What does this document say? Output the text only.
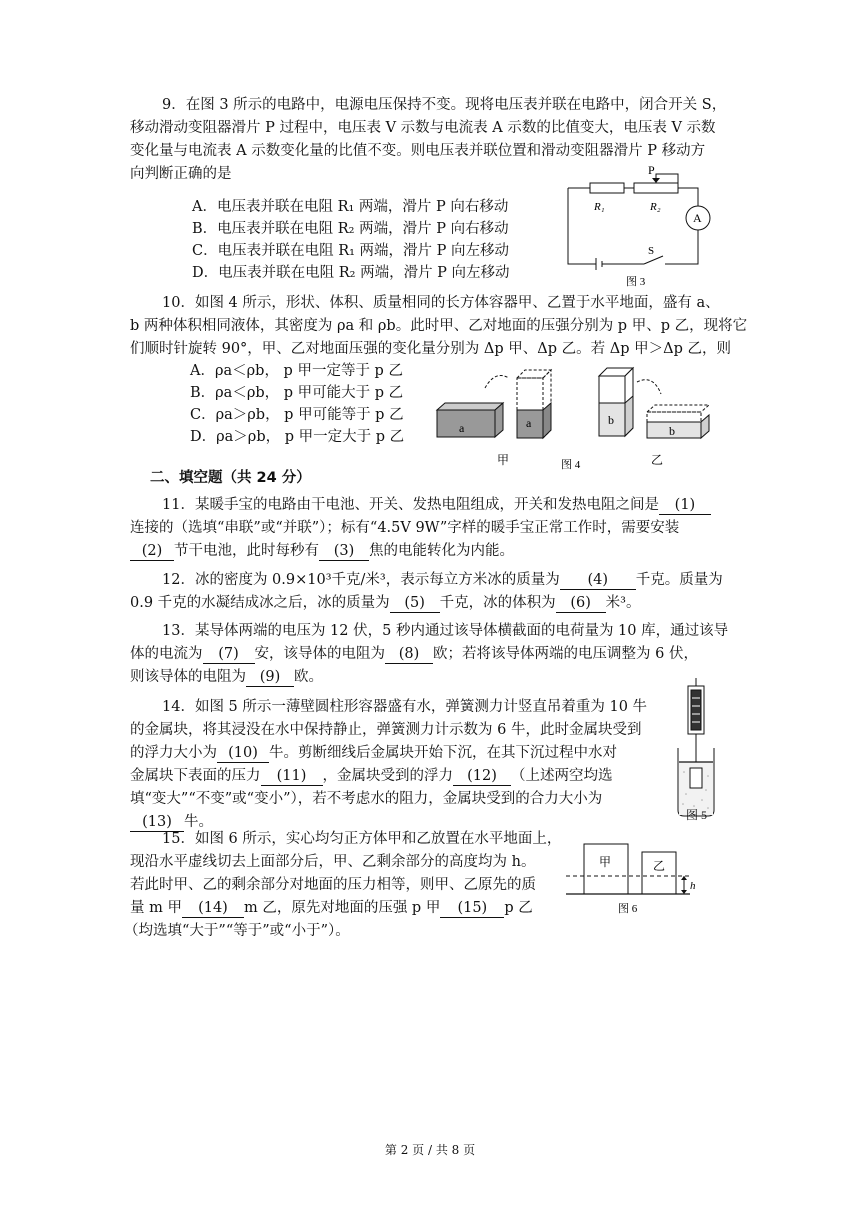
9．在图 3 所示的电路中，电源电压保持不变。现将电压表并联在电路中，闭合开关 S，
移动滑动变阻器滑片 P 过程中，电压表 V 示数与电流表 A 示数的比值变大，电压表 V 示数
变化量与电流表 A 示数变化量的比值不变。则电压表并联位置和滑动变阻器滑片 P 移动方
向判断正确的是
A．电压表并联在电阻 R₁ 两端，滑片 P 向右移动
B．电压表并联在电阻 R₂ 两端，滑片 P 向右移动
C．电压表并联在电阻 R₁ 两端，滑片 P 向左移动
D．电压表并联在电阻 R₂ 两端，滑片 P 向左移动
P
R₁	R₂
A
S
图 3
10．如图 4 所示，形状、体积、质量相同的长方体容器甲、乙置于水平地面，盛有 a、
b 两种体积相同液体，其密度为 ρa 和 ρb。此时甲、乙对地面的压强分别为 p 甲、p 乙，现将它
们顺时针旋转 90°，甲、乙对地面压强的变化量分别为 Δp 甲、Δp 乙。若 Δp 甲＞Δp 乙，则
A．ρa＜ρb， p 甲一定等于 p 乙
B．ρa＜ρb， p 甲可能大于 p 乙
C．ρa＞ρb， p 甲可能等于 p 乙
D．ρa＞ρb， p 甲一定大于 p 乙
a	a	b
b
甲	图 4	乙
二、填空题（共 24 分）
11．某暖手宝的电路由干电池、开关、发热电阻组成，开关和发热电阻之间是 (1)
连接的（选填“串联”或“并联”）；标有“4.5V 9W”字样的暖手宝正常工作时，需要安装
(2) 节干电池，此时每秒有 (3) 焦的电能转化为内能。
12．冰的密度为 0.9×10³千克/米³，表示每立方米冰的质量为 (4) 千克。质量为
0.9 千克的水凝结成冰之后，冰的质量为 (5) 千克，冰的体积为 (6) 米³。
13．某导体两端的电压为 12 伏，5 秒内通过该导体横截面的电荷量为 10 库，通过该导
体的电流为 (7) 安，该导体的电阻为 (8) 欧；若将该导体两端的电压调整为 6 伏，
则该导体的电阻为 (9) 欧。
14．如图 5 所示一薄壁圆柱形容器盛有水，弹簧测力计竖直吊着重为 10 牛
的金属块，将其浸没在水中保持静止，弹簧测力计示数为 6 牛，此时金属块受到
的浮力大小为 (10) 牛。剪断细线后金属块开始下沉，在其下沉过程中水对
金属块下表面的压力 (11) ，金属块受到的浮力 (12) （上述两空均选
填“变大”“不变”或“变小”），若不考虑水的阻力，金属块受到的合力大小为
(13) 牛。	图 5
15．如图 6 所示，实心均匀正方体甲和乙放置在水平地面上，
现沿水平虚线切去上面部分后，甲、乙剩余部分的高度均为 h。
若此时甲、乙的剩余部分对地面的压力相等，则甲、乙原先的质
量 m 甲 (14) m 乙，原先对地面的压强 p 甲 (15) p 乙
（均选填“大于”“等于”或“小于”）。
甲	乙
h
图 6
第 2 页 / 共 8 页
